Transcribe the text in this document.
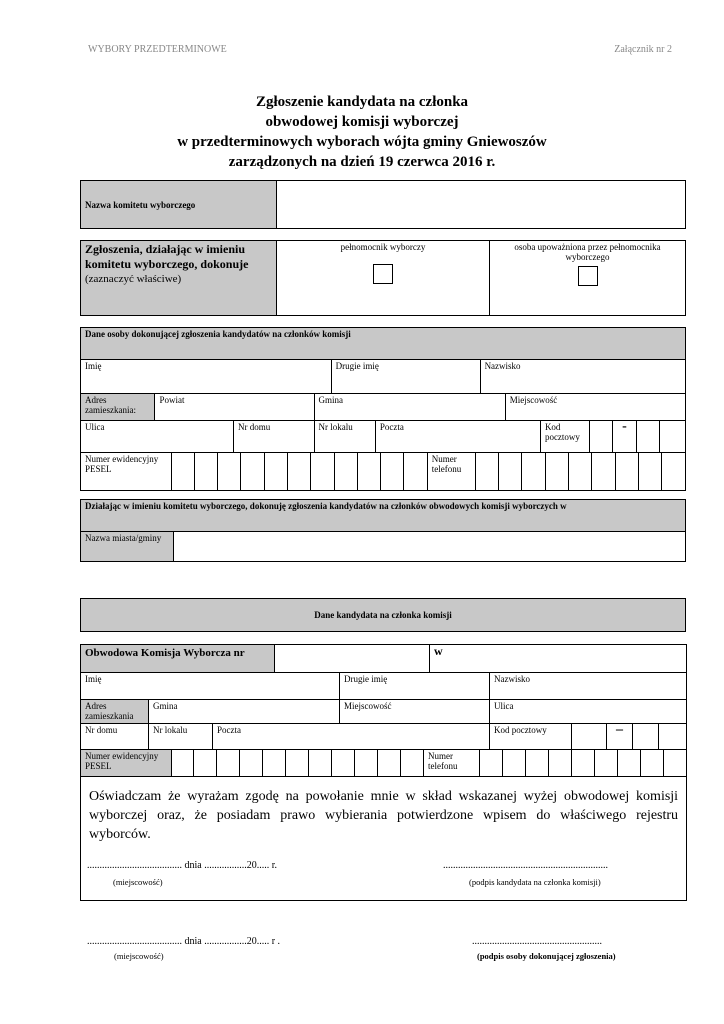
WYBORY PRZEDTERMINOWE	Załącznik nr 2
Zgłoszenie kandydata na członka
obwodowej komisji wyborczej
w przedterminowych wyborach wójta gminy Gniewoszów
zarządzonych na dzień 19 czerwca 2016 r.
Nazwa komitetu wyborczego	
Zgłoszenia, działając w imieniu komitetu wyborczego, dokonuje
(zaznaczyć właściwe)

pełnomocnik wyborczy	osoba upoważniona przez pełnomocnika wyborczego
Dane osoby dokonującej zgłoszenia kandydatów na członków komisji
Imię	Drugie imię	Nazwisko
Adres zamieszkania:	Powiat	Gmina	Miejscowość
Ulica	Nr domu	Nr lokalu	Poczta	Kod pocztowy		-		

Numer ewidencyjny PESEL												Numer telefonu									
Działając w imieniu komitetu wyborczego, dokonuję zgłoszenia kandydatów na członków obwodowych komisji wyborczych w
Nazwa miasta/gminy	
Dane kandydata na członka komisji
Obwodowa Komisja Wyborcza nr		w
Imię	Drugie imię	Nazwisko
Adres zamieszkania	Gmina	Miejscowość	Ulica
Nr domu	Nr lokalu	Poczta	Kod pocztowy		–		

Numer ewidencyjny PESEL												Numer telefonu									

Oświadczam że wyrażam zgodę na powołanie mnie w skład wskazanej wyżej obwodowej komisji wyborczej oraz, że posiadam prawo wybierania potwierdzone wpisem do właściwego rejestru wyborców.
...................................... dnia .................20..... r.
(miejscowość)
..................................................................
(podpis kandydata na członka komisji)
...................................... dnia .................20..... r .
(miejscowość)
....................................................
(podpis osoby dokonującej zgłoszenia)
